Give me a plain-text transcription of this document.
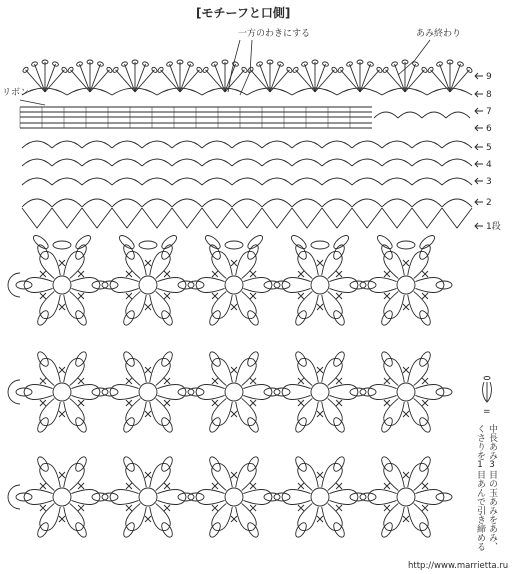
[モチーフと口側]
一方のわきにする	あみ終わり
リボン
9
8
7
6
5
4
3
2
1段
=
中長あみ3目の玉あみをあみ、
くさりを1目あんで引き締める
http://www.marrietta.ru
